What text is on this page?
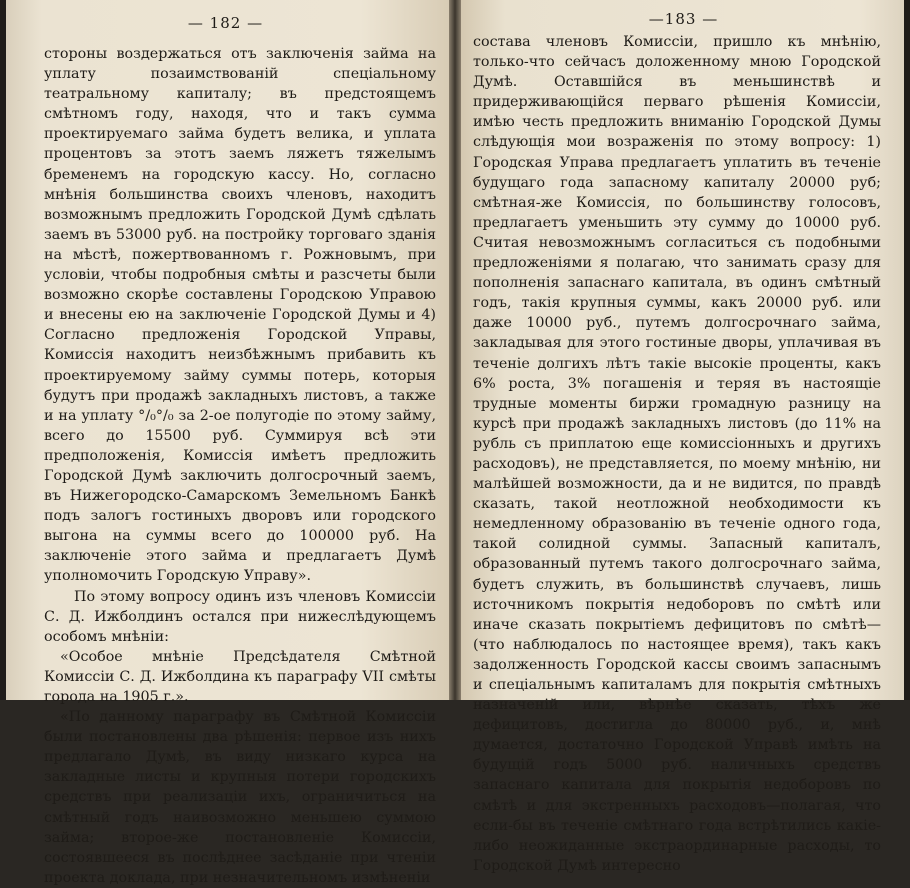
— 182 —

стороны воздержаться отъ заключенія займа на уплату позаимствованій спеціальному театральному капиталу; въ предстоящемъ смѣтномъ году, находя, что и такъ сумма проектируемаго займа будетъ велика, и уплата процентовъ за этотъ заемъ ляжетъ тяжелымъ бременемъ на городскую кассу. Но, согласно мнѣнія большинства своихъ членовъ, находитъ возможнымъ предложить Городской Думѣ сдѣлать заемъ въ 53000 руб. на постройку торговаго зданія на мѣстѣ, пожертвованномъ г. Рожновымъ, при условіи, чтобы подробныя смѣты и разсчеты были возможно скорѣе составлены Городскою Управою и внесены ею на заключеніе Городской Думы и 4) Согласно предложенія Городской Управы, Комиссія находитъ неизбѣжнымъ прибавить къ проектируемому займу суммы потерь, которыя будутъ при продажѣ закладныхъ листовъ, а также и на уплату °/₀°/₀ за 2-ое полугодіе по этому займу, всего до 15500 руб. Суммируя всѣ эти предположенія, Комиссія имѣетъ предложить Городской Думѣ заключить долгосрочный заемъ, въ Нижегородско-Самарскомъ Земельномъ Банкѣ подъ залогъ гостиныхъ дворовъ или городского выгона на суммы всего до 100000 руб. На заключеніе этого займа и предлагаетъ Думѣ уполномочить Городскую Управу».

По этому вопросу одинъ изъ членовъ Комиссіи С. Д. Ижболдинъ остался при нижеслѣдующемъ особомъ мнѣніи:

«Особое мнѣніе Предсѣдателя Смѣтной Комиссіи С. Д. Ижболдина къ параграфу VII смѣты города на 1905 г.».

«По данному параграфу въ Смѣтной Комиссіи были постановлены два рѣшенія: первое изъ нихъ предлагало Думѣ, въ виду низкаго курса на закладные листы и крупныя потери городскихъ средствъ при реализаціи ихъ, ограничиться на смѣтный годъ наивозможно меньшею суммою займа; второе-же постановленіе Комиссіи, состоявшееся въ послѣднее засѣданіе при чтеніи проекта доклада, при незначительномъ измѣненіи

—183 —

состава членовъ Комиссіи, пришло къ мнѣнію, только-что сейчасъ доложенному мною Городской Думѣ. Оставшійся въ меньшинствѣ и придерживающійся перваго рѣшенія Комиссіи, имѣю честь предложить вниманію Городской Думы слѣдующія мои возраженія по этому вопросу: 1) Городская Управа предлагаетъ уплатить въ теченіе будущаго года запасному капиталу 20000 руб; смѣтная-же Комиссія, по большинству голосовъ, предлагаетъ уменьшить эту сумму до 10000 руб. Считая невозможнымъ согласиться съ подобными предложеніями я полагаю, что занимать сразу для пополненія запаснаго капитала, въ одинъ смѣтный годъ, такія крупныя суммы, какъ 20000 руб. или даже 10000 руб., путемъ долгосрочнаго займа, закладывая для этого гостиные дворы, уплачивая въ теченіе долгихъ лѣтъ такіе высокіе проценты, какъ 6% роста, 3% погашенія и теряя въ настоящіе трудные моменты биржи громадную разницу на курсѣ при продажѣ закладныхъ листовъ (до 11% на рубль съ приплатою еще комиссіонныхъ и другихъ расходовъ), не представляется, по моему мнѣнію, ни малѣйшей возможности, да и не видится, по правдѣ сказать, такой неотложной необходимости къ немедленному образованію въ теченіе одного года, такой солидной суммы. Запасный капиталъ, образованный путемъ такого долгосрочнаго займа, будетъ служить, въ большинствѣ случаевъ, лишь источникомъ покрытія недоборовъ по смѣтѣ или иначе сказать покрытіемъ дефицитовъ по смѣтѣ—(что наблюдалось по настоящее время), такъ какъ задолженность Городской кассы своимъ запаснымъ и спеціальнымъ капиталамъ для покрытія смѣтныхъ назначеній или, вѣрнѣе сказать, тѣхъ же дефицитовъ, достигла до 80000 руб., и, мнѣ думается, достаточно Городской Управѣ имѣть на будущій годъ 5000 руб. наличныхъ средствъ запаснаго капитала для покрытія недоборовъ по смѣтѣ и для экстренныхъ расходовъ—полагая, что если-бы въ теченіе смѣтнаго года встрѣтились какіе-либо неожиданные экстраординарные расходы, то Городской Думѣ интересно
